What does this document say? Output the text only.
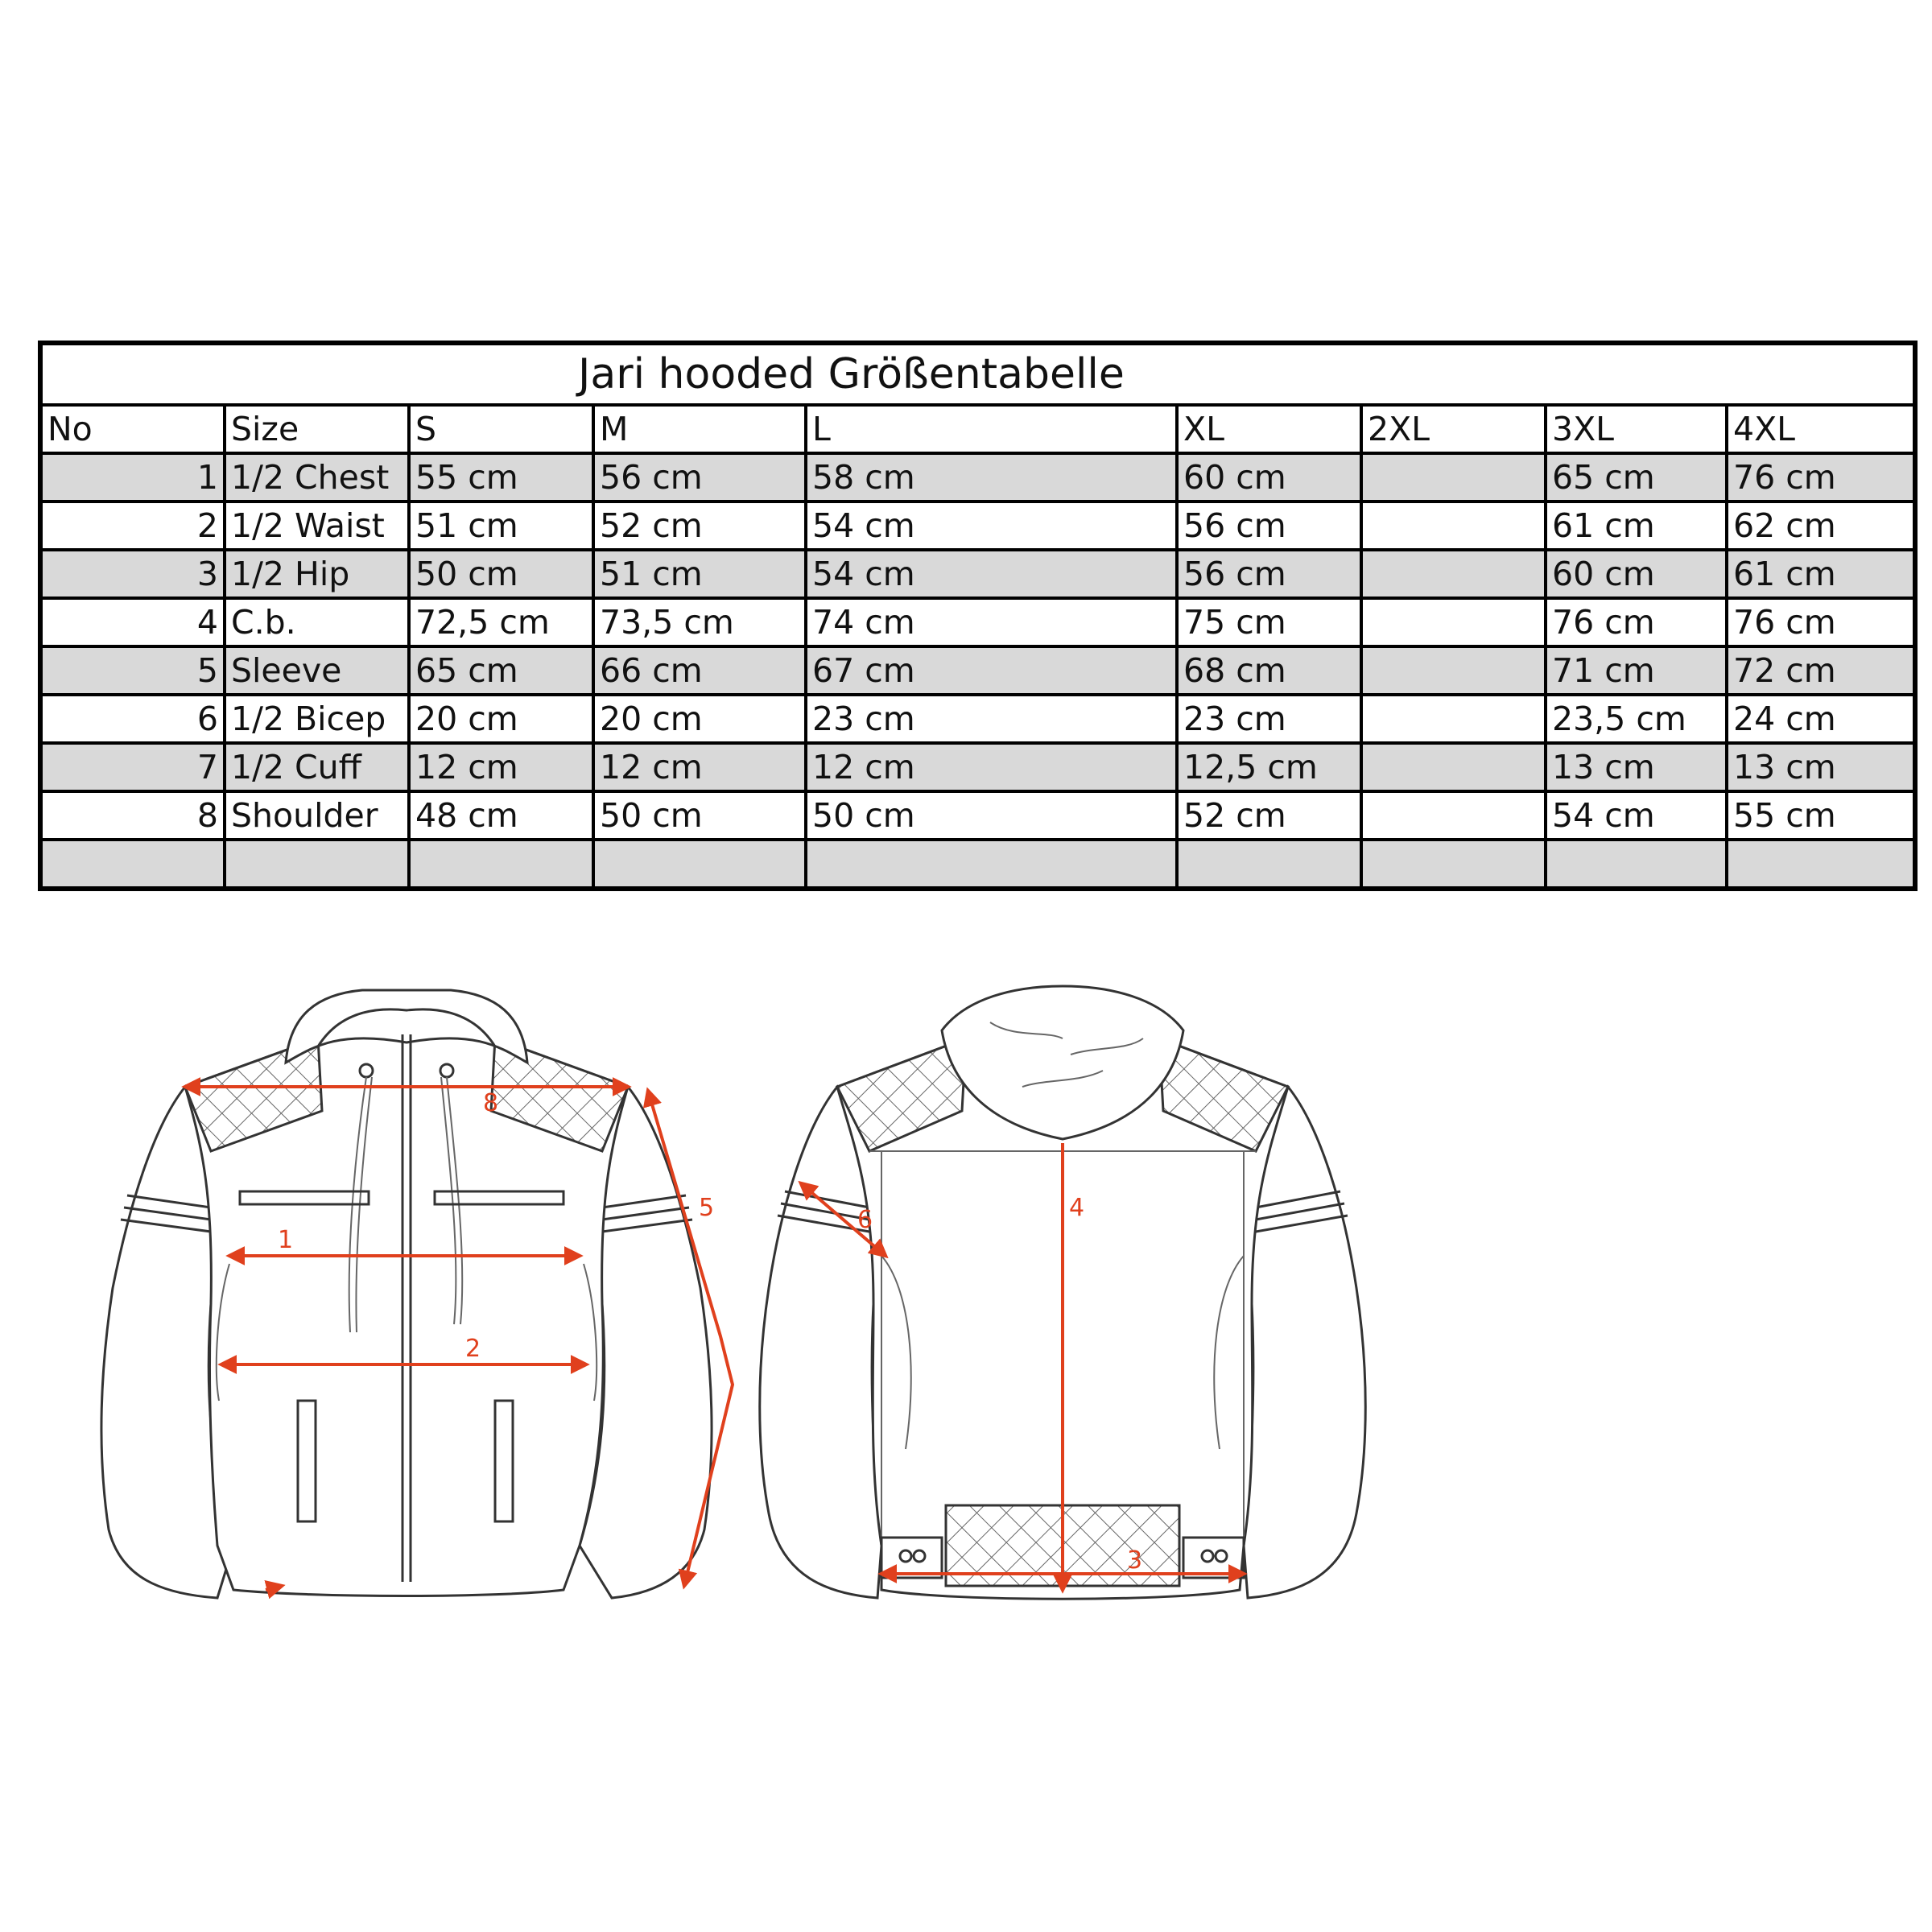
Jari hooded Größentabelle								
No	Size	S	M	L	XL	2XL	3XL	4XL
1	1/2 Chest	55 cm	56 cm	58 cm	60 cm		65 cm	76 cm
2	1/2 Waist	51 cm	52 cm	54 cm	56 cm		61 cm	62 cm
3	1/2 Hip	50 cm	51 cm	54 cm	56 cm		60 cm	61 cm
4	C.b.	72,5 cm	73,5 cm	74 cm	75 cm		76 cm	76 cm
5	Sleeve	65 cm	66 cm	67 cm	68 cm		71 cm	72 cm
6	1/2 Bicep	20 cm	20 cm	23 cm	23 cm		23,5 cm	24 cm
7	1/2 Cuff	12 cm	12 cm	12 cm	12,5 cm		13 cm	13 cm
8	Shoulder	48 cm	50 cm	50 cm	52 cm		54 cm	55 cm

8
1
2
5	6	4
3
